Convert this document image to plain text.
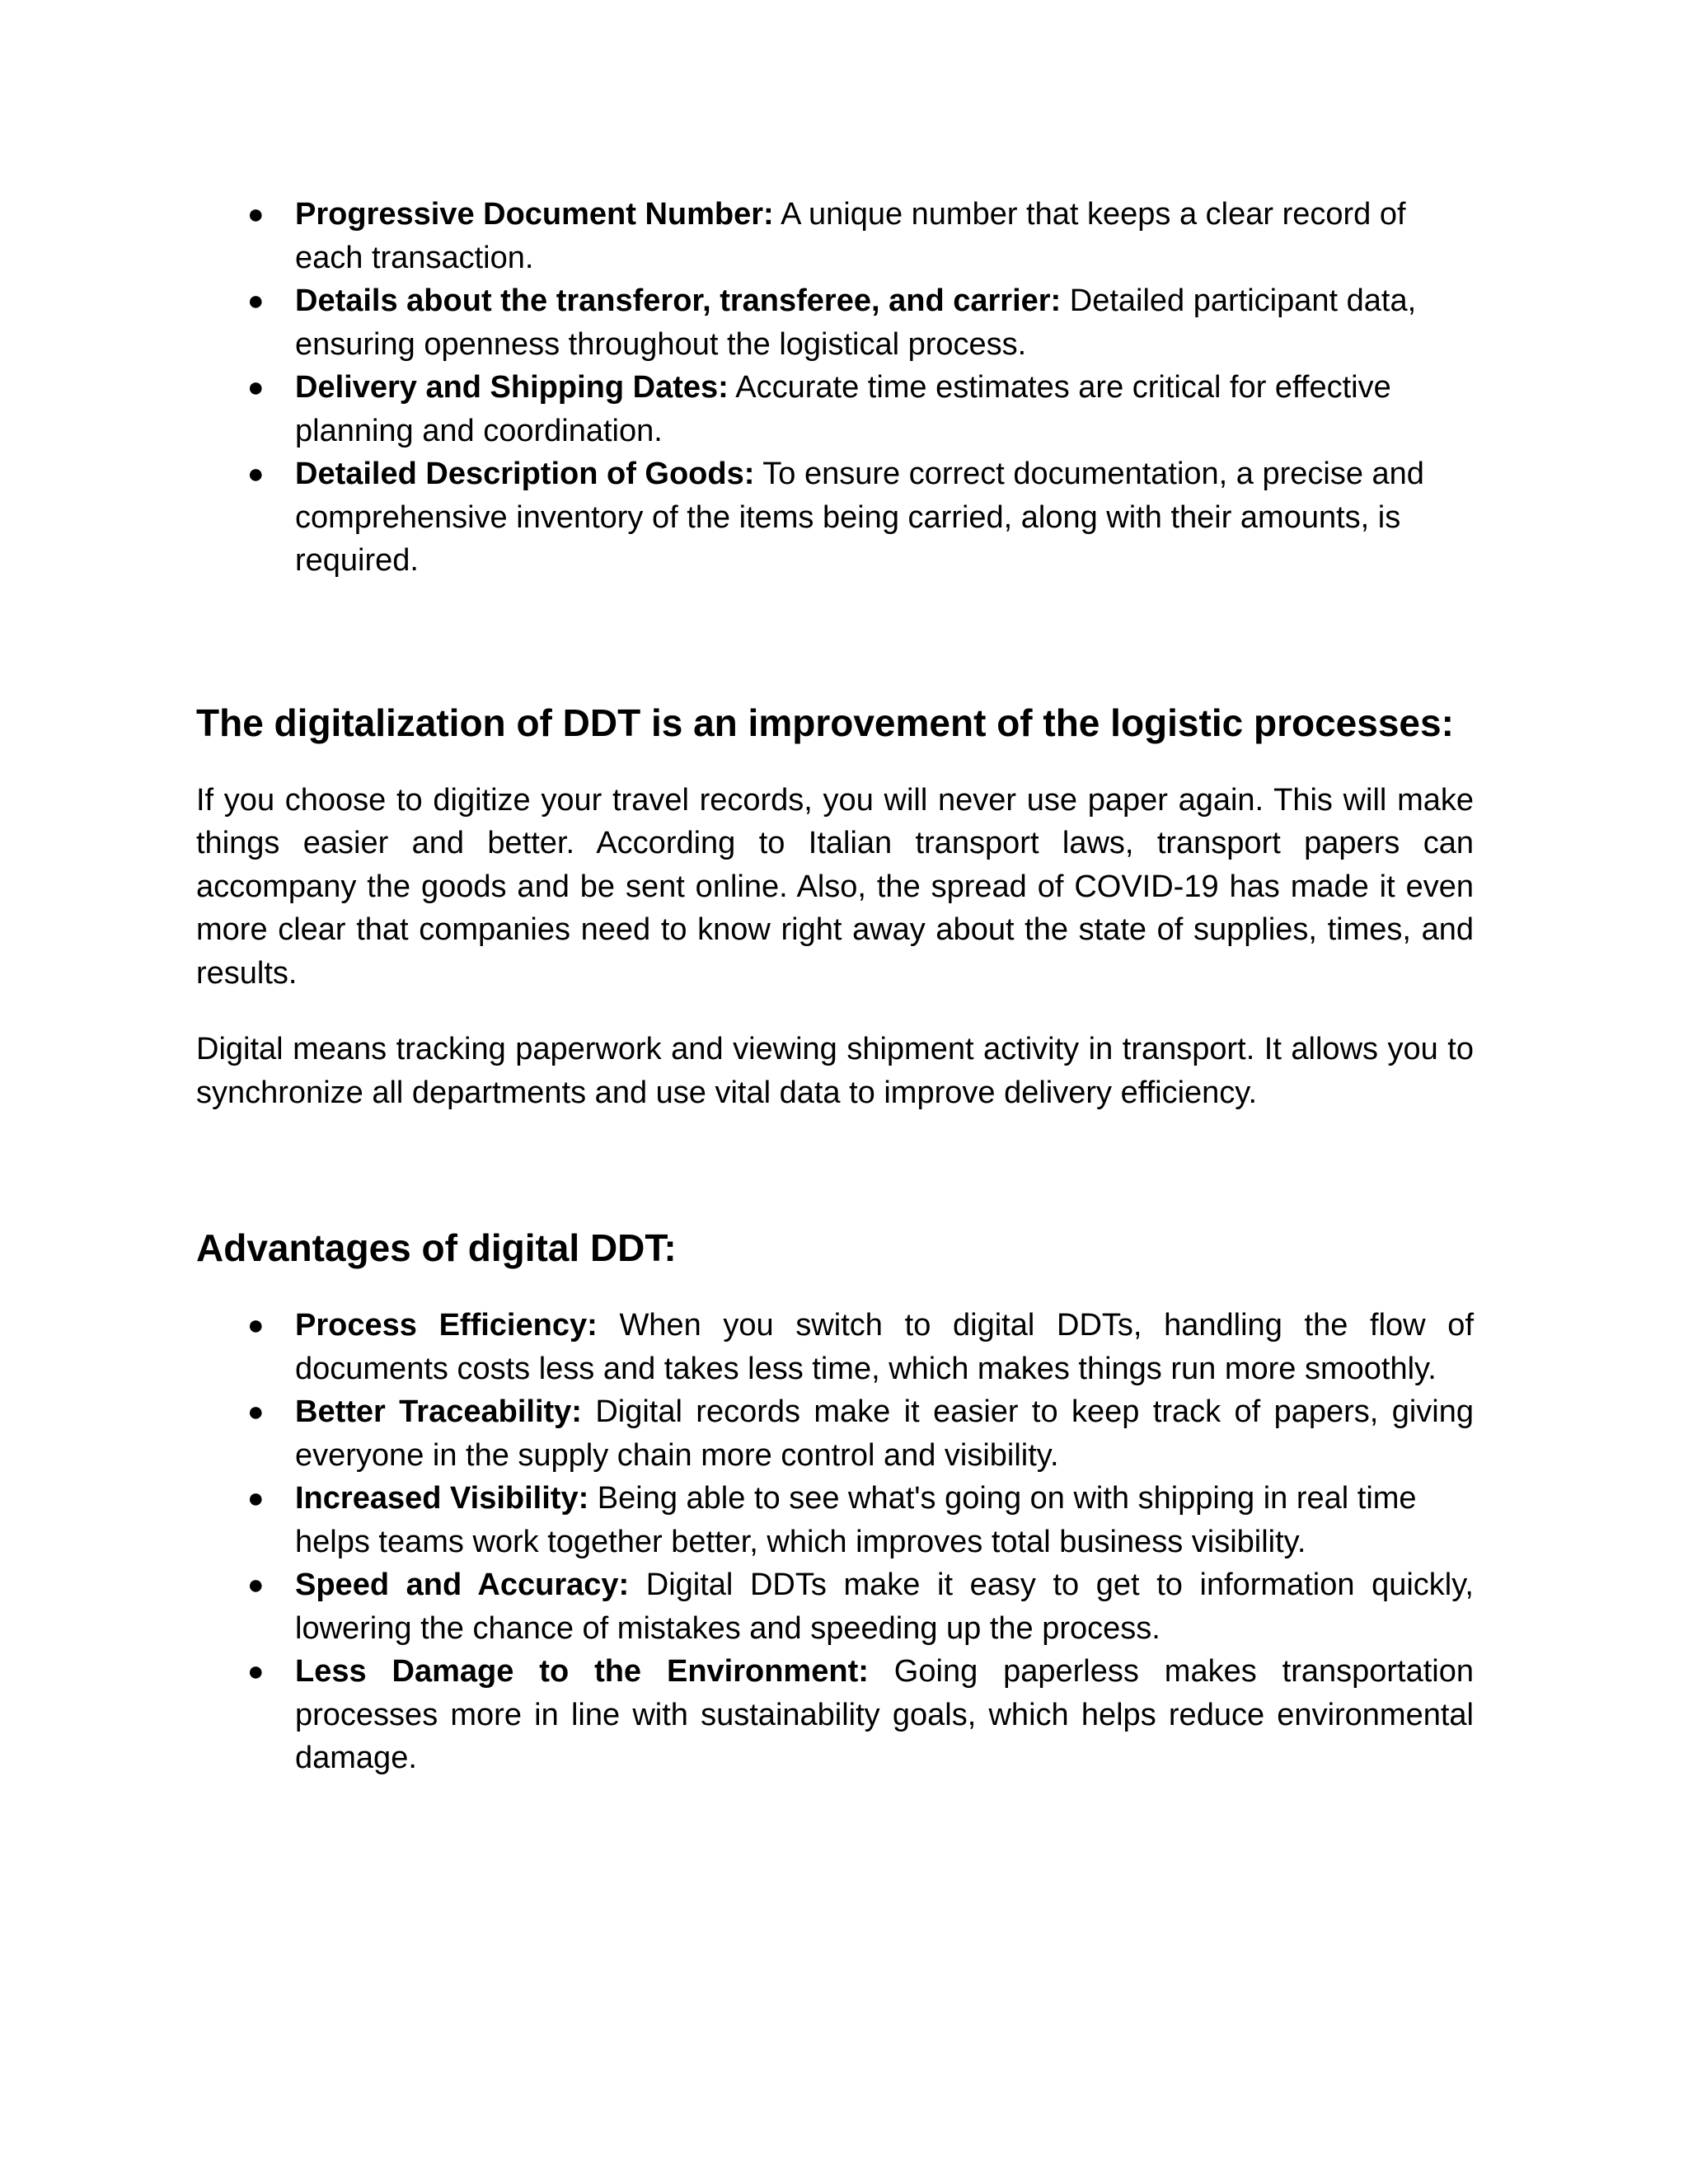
● Progressive Document Number: A unique number that keeps a clear record of each transaction.
● Details about the transferor, transferee, and carrier: Detailed participant data, ensuring openness throughout the logistical process.
● Delivery and Shipping Dates: Accurate time estimates are critical for effective planning and coordination.
● Detailed Description of Goods: To ensure correct documentation, a precise and comprehensive inventory of the items being carried, along with their amounts, is required.
The digitalization of DDT is an improvement of the logistic processes:

If you choose to digitize your travel records, you will never use paper again. This will make things easier and better. According to Italian transport laws, transport papers can accompany the goods and be sent online. Also, the spread of COVID-19 has made it even more clear that companies need to know right away about the state of supplies, times, and results.

Digital means tracking paperwork and viewing shipment activity in transport. It allows you to synchronize all departments and use vital data to improve delivery efficiency.

Advantages of digital DDT:
● Process Efficiency: When you switch to digital DDTs, handling the flow of documents costs less and takes less time, which makes things run more smoothly.
● Better Traceability: Digital records make it easier to keep track of papers, giving everyone in the supply chain more control and visibility.
● Increased Visibility: Being able to see what's going on with shipping in real time helps teams work together better, which improves total business visibility.
● Speed and Accuracy: Digital DDTs make it easy to get to information quickly, lowering the chance of mistakes and speeding up the process.
● Less Damage to the Environment: Going paperless makes transportation processes more in line with sustainability goals, which helps reduce environmental damage.
